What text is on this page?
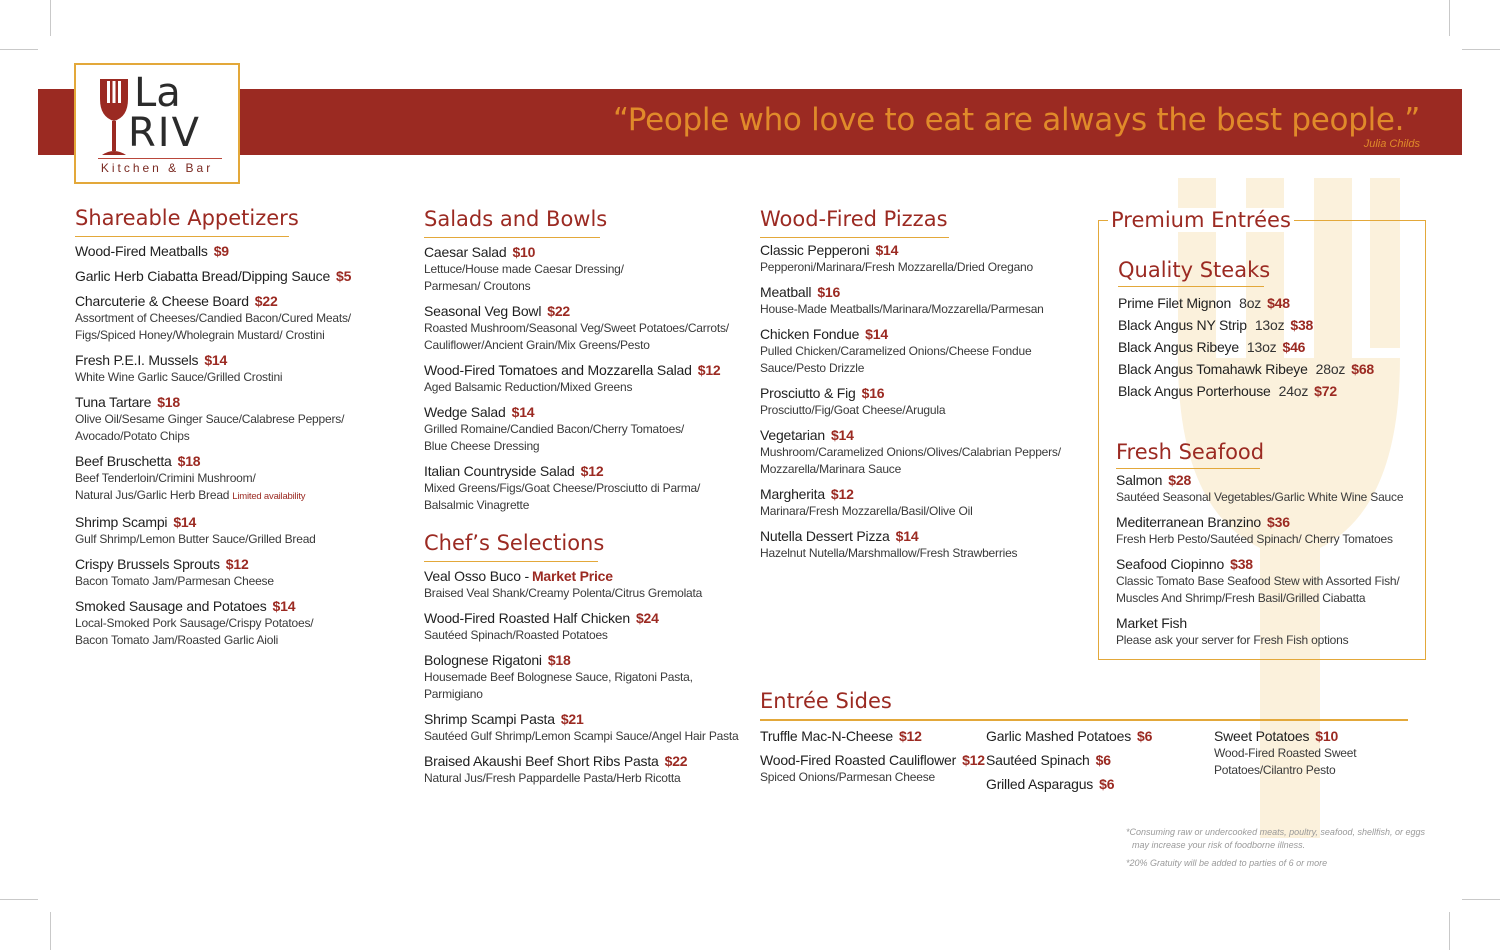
“People who love to eat are always the best people.”
Julia Childs
La
RIV
Kitchen & Bar
Shareable Appetizers
Wood-Fired Meatballs $9
Garlic Herb Ciabatta Bread/Dipping Sauce $5
Charcuterie & Cheese Board $22
Assortment of Cheeses/Candied Bacon/Cured Meats/
Figs/Spiced Honey/Wholegrain Mustard/ Crostini
Fresh P.E.I. Mussels $14
White Wine Garlic Sauce/Grilled Crostini
Tuna Tartare $18
Olive Oil/Sesame Ginger Sauce/Calabrese Peppers/
Avocado/Potato Chips
Beef Bruschetta $18
Beef Tenderloin/Crimini Mushroom/
Natural Jus/Garlic Herb Bread Limited availability
Shrimp Scampi $14
Gulf Shrimp/Lemon Butter Sauce/Grilled Bread
Crispy Brussels Sprouts $12
Bacon Tomato Jam/Parmesan Cheese
Smoked Sausage and Potatoes $14
Local-Smoked Pork Sausage/Crispy Potatoes/
Bacon Tomato Jam/Roasted Garlic Aioli
Salads and Bowls
Caesar Salad $10
Lettuce/House made Caesar Dressing/
Parmesan/ Croutons
Seasonal Veg Bowl $22
Roasted Mushroom/Seasonal Veg/Sweet Potatoes/Carrots/
Cauliflower/Ancient Grain/Mix Greens/Pesto
Wood-Fired Tomatoes and Mozzarella Salad $12
Aged Balsamic Reduction/Mixed Greens
Wedge Salad $14
Grilled Romaine/Candied Bacon/Cherry Tomatoes/
Blue Cheese Dressing
Italian Countryside Salad $12
Mixed Greens/Figs/Goat Cheese/Prosciutto di Parma/
Balsalmic Vinagrette
Chef’s Selections
Veal Osso Buco - Market Price
Braised Veal Shank/Creamy Polenta/Citrus Gremolata
Wood-Fired Roasted Half Chicken $24
Sautéed Spinach/Roasted Potatoes
Bolognese Rigatoni $18
Housemade Beef Bolognese Sauce, Rigatoni Pasta,
Parmigiano
Shrimp Scampi Pasta $21
Sautéed Gulf Shrimp/Lemon Scampi Sauce/Angel Hair Pasta
Braised Akaushi Beef Short Ribs Pasta $22
Natural Jus/Fresh Pappardelle Pasta/Herb Ricotta
Wood-Fired Pizzas
Classic Pepperoni $14
Pepperoni/Marinara/Fresh Mozzarella/Dried Oregano
Meatball $16
House-Made Meatballs/Marinara/Mozzarella/Parmesan
Chicken Fondue $14
Pulled Chicken/Caramelized Onions/Cheese Fondue
Sauce/Pesto Drizzle
Prosciutto & Fig $16
Prosciutto/Fig/Goat Cheese/Arugula
Vegetarian $14
Mushroom/Caramelized Onions/Olives/Calabrian Peppers/
Mozzarella/Marinara Sauce
Margherita $12
Marinara/Fresh Mozzarella/Basil/Olive Oil
Nutella Dessert Pizza $14
Hazelnut Nutella/Marshmallow/Fresh Strawberries
Premium Entrées
Quality Steaks
Prime Filet Mignon 8oz $48
Black Angus NY Strip 13oz $38
Black Angus Ribeye 13oz $46
Black Angus Tomahawk Ribeye 28oz $68
Black Angus Porterhouse 24oz $72
Fresh Seafood
Salmon $28
Sautéed Seasonal Vegetables/Garlic White Wine Sauce
Mediterranean Branzino $36
Fresh Herb Pesto/Sautéed Spinach/ Cherry Tomatoes
Seafood Ciopinno $38
Classic Tomato Base Seafood Stew with Assorted Fish/
Muscles And Shrimp/Fresh Basil/Grilled Ciabatta
Market Fish
Please ask your server for Fresh Fish options
Entrée Sides
Truffle Mac-N-Cheese $12
Wood-Fired Roasted Cauliflower $12
Spiced Onions/Parmesan Cheese
Garlic Mashed Potatoes $6
Sautéed Spinach $6
Grilled Asparagus $6
Sweet Potatoes $10
Wood-Fired Roasted Sweet
Potatoes/Cilantro Pesto
*Consuming raw or undercooked meats, poultry, seafood, shellfish, or eggs
may increase your risk of foodborne illness.
*20% Gratuity will be added to parties of 6 or more
